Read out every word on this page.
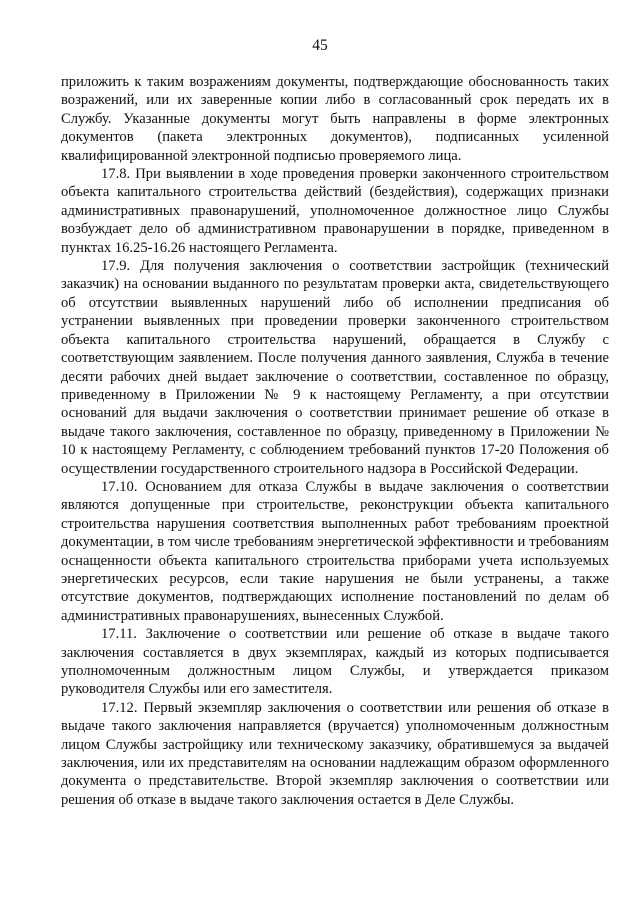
45

приложить к таким возражениям документы, подтверждающие обоснованность таких возражений, или их заверенные копии либо в согласованный срок передать их в Службу. Указанные документы могут быть направлены в форме электронных документов (пакета электронных документов), подписанных усиленной квалифицированной электронной подписью проверяемого лица.

17.8. При выявлении в ходе проведения проверки законченного строительством объекта капитального строительства действий (бездействия), содержащих признаки административных правонарушений, уполномоченное должностное лицо Службы возбуждает дело об административном правонарушении в порядке, приведенном в пунктах 16.25-16.26 настоящего Регламента.

17.9. Для получения заключения о соответствии застройщик (технический заказчик) на основании выданного по результатам проверки акта, свидетельствующего об отсутствии выявленных нарушений либо об исполнении предписания об устранении выявленных при проведении проверки законченного строительством объекта капитального строительства нарушений, обращается в Службу с соответствующим заявлением. После получения данного заявления, Служба в течение десяти рабочих дней выдает заключение о соответствии, составленное по образцу, приведенному в Приложении № 9 к настоящему Регламенту, а при отсутствии оснований для выдачи заключения о соответствии принимает решение об отказе в выдаче такого заключения, составленное по образцу, приведенному в Приложении № 10 к настоящему Регламенту, с соблюдением требований пунктов 17-20 Положения об осуществлении государственного строительного надзора в Российской Федерации.

17.10. Основанием для отказа Службы в выдаче заключения о соответствии являются допущенные при строительстве, реконструкции объекта капитального строительства нарушения соответствия выполненных работ требованиям проектной документации, в том числе требованиям энергетической эффективности и требованиям оснащенности объекта капитального строительства приборами учета используемых энергетических ресурсов, если такие нарушения не были устранены, а также отсутствие документов, подтверждающих исполнение постановлений по делам об административных правонарушениях, вынесенных Службой.

17.11. Заключение о соответствии или решение об отказе в выдаче такого заключения составляется в двух экземплярах, каждый из которых подписывается уполномоченным должностным лицом Службы, и утверждается приказом руководителя Службы или его заместителя.

17.12. Первый экземпляр заключения о соответствии или решения об отказе в выдаче такого заключения направляется (вручается) уполномоченным должностным лицом Службы застройщику или техническому заказчику, обратившемуся за выдачей заключения, или их представителям на основании надлежащим образом оформленного документа о представительстве. Второй экземпляр заключения о соответствии или решения об отказе в выдаче такого заключения остается в Деле Службы.
